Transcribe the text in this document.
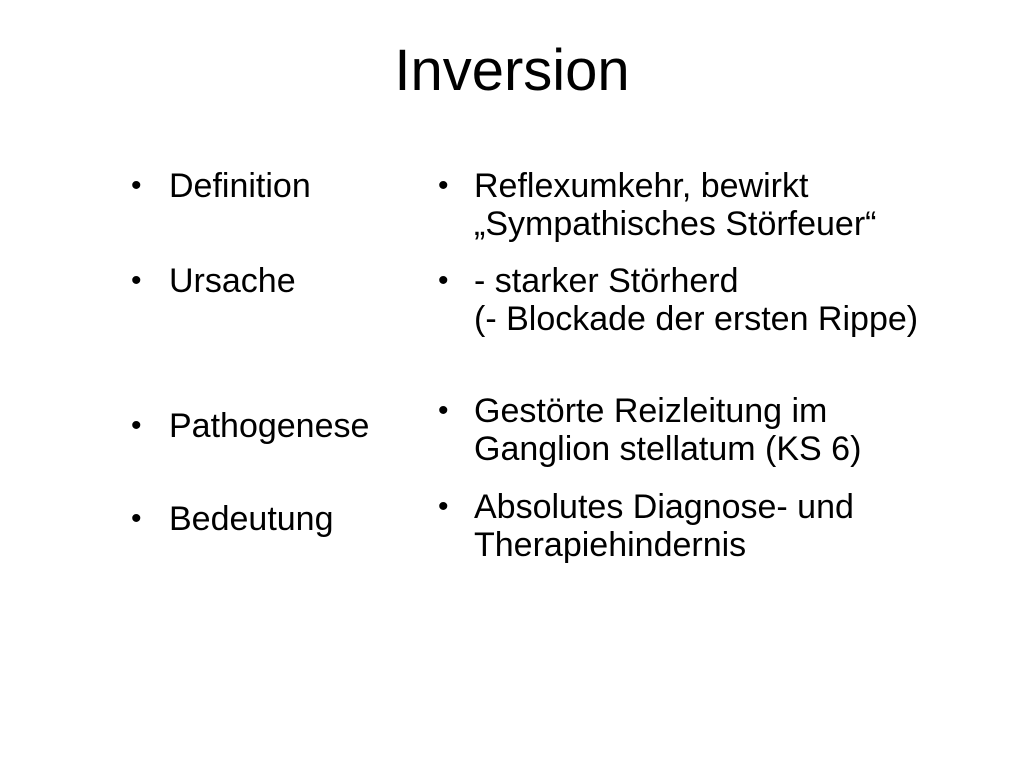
Inversion
• Definition
• Ursache
• Pathogenese
• Bedeutung
• Reflexumkehr, bewirkt
„Sympathisches Störfeuer“
• - starker Störherd
(- Blockade der ersten Rippe)
• Gestörte Reizleitung im
Ganglion stellatum (KS 6)
• Absolutes Diagnose- und
Therapiehindernis
